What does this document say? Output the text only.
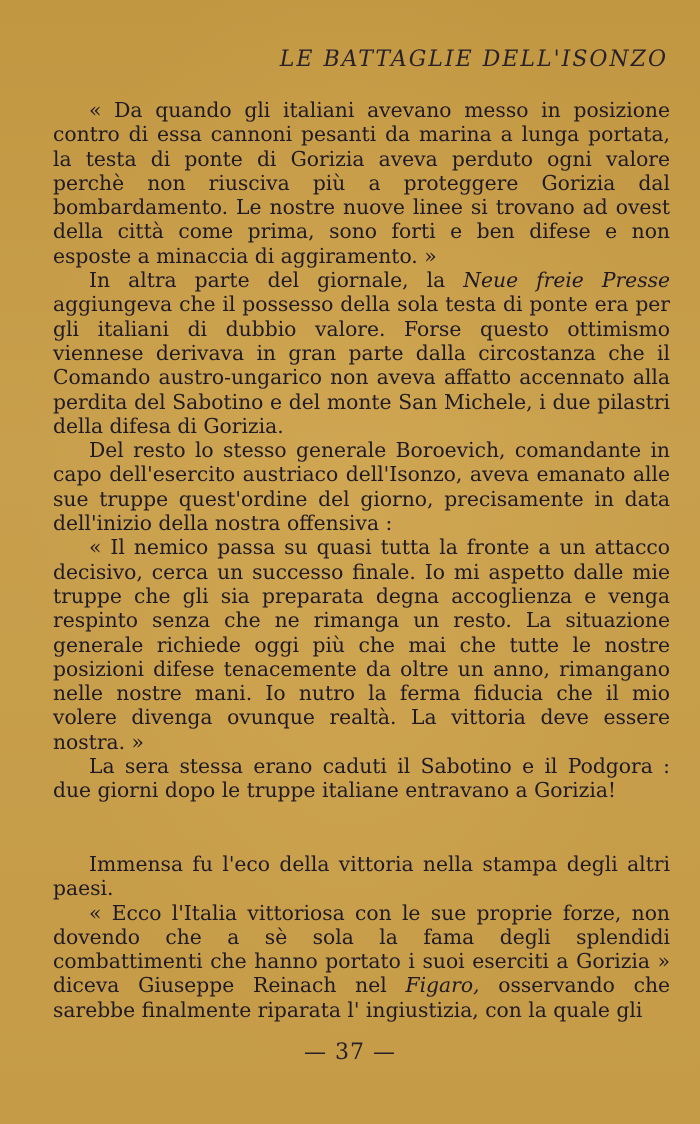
LE BATTAGLIE DELL'ISONZO

« Da quando gli italiani avevano messo in posizione contro di essa cannoni pesanti da marina a lunga portata, la testa di ponte di Gorizia aveva perduto ogni valore perchè non riusciva più a proteggere Gorizia dal bombardamento. Le nostre nuove linee si trovano ad ovest della città come prima, sono forti e ben difese e non esposte a minaccia di aggiramento. »

In altra parte del giornale, la Neue freie Presse aggiungeva che il possesso della sola testa di ponte era per gli italiani di dubbio valore. Forse questo ottimismo viennese derivava in gran parte dalla circostanza che il Comando austro-ungarico non aveva affatto accennato alla perdita del Sabotino e del monte San Michele, i due pilastri della difesa di Gorizia.

Del resto lo stesso generale Boroevich, comandante in capo dell'esercito austriaco dell'Isonzo, aveva emanato alle sue truppe quest'ordine del giorno, precisamente in data dell'inizio della nostra offensiva :

« Il nemico passa su quasi tutta la fronte a un attacco decisivo, cerca un successo finale. Io mi aspetto dalle mie truppe che gli sia preparata degna accoglienza e venga respinto senza che ne rimanga un resto. La situazione generale richiede oggi più che mai che tutte le nostre posizioni difese tenacemente da oltre un anno, rimangano nelle nostre mani. Io nutro la ferma fiducia che il mio volere divenga ovunque realtà. La vittoria deve essere nostra. »

La sera stessa erano caduti il Sabotino e il Podgora : due giorni dopo le truppe italiane entravano a Gorizia!

Immensa fu l'eco della vittoria nella stampa degli altri paesi.

« Ecco l'Italia vittoriosa con le sue proprie forze, non dovendo che a sè sola la fama degli splendidi combattimenti che hanno portato i suoi eserciti a Gorizia » diceva Giuseppe Reinach nel Figaro, osservando che sarebbe finalmente riparata l' ingiustizia, con la quale gli

— 37 —
